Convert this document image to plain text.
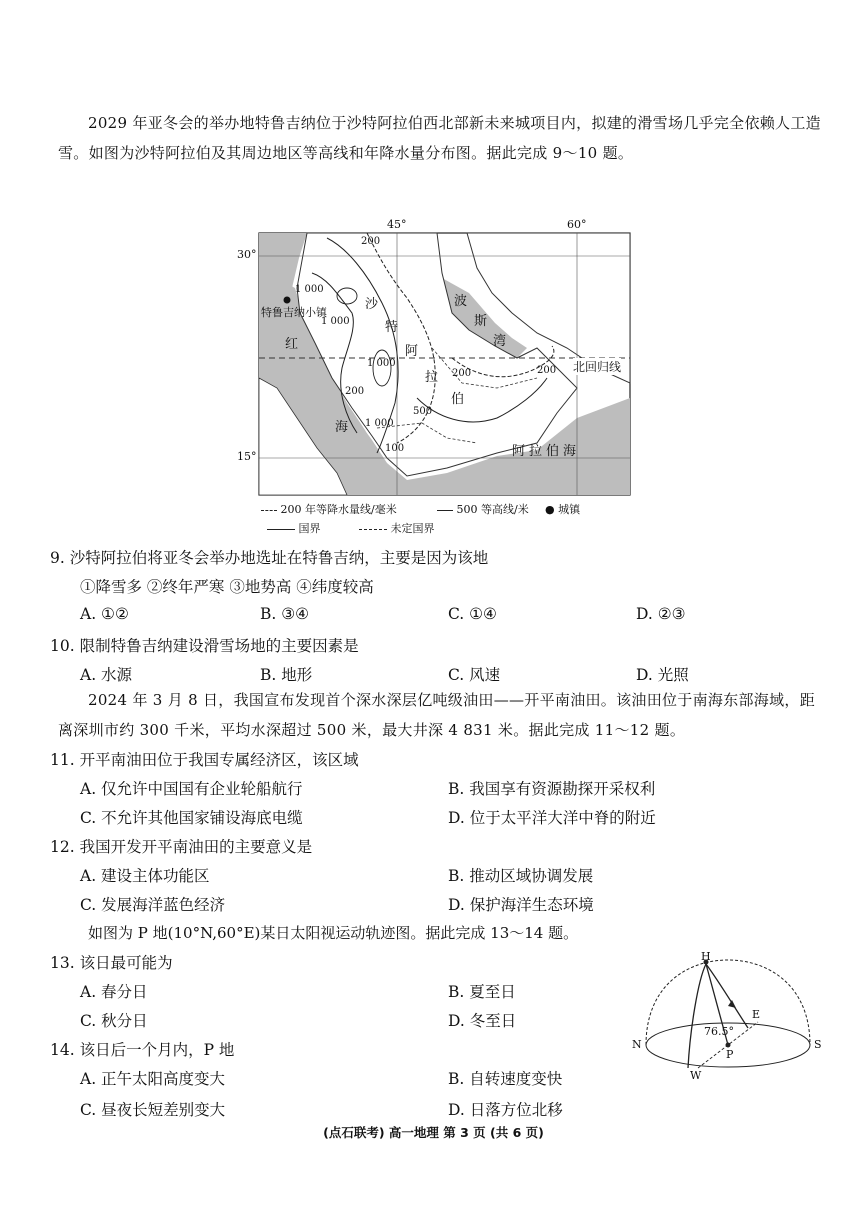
2029 年亚冬会的举办地特鲁吉纳位于沙特阿拉伯西北部新未来城项目内，拟建的滑雪场几乎完全依赖人工造雪。如图为沙特阿拉伯及其周边地区等高线和年降水量分布图。据此完成 9～10 题。
45°	60°
30°
15°
特鲁吉纳小镇
波
斯
湾
红
海
阿拉伯海
沙
特
阿
拉
伯
北回归线
200
1 000
1 000
1 000
200	200
500
1 000
200
100
200 年等降水量线/毫米	500 等高线/米 ● 城镇
国界	未定国界
9. 沙特阿拉伯将亚冬会举办地选址在特鲁吉纳，主要是因为该地
①降雪多 ②终年严寒 ③地势高 ④纬度较高
A. ①②	B. ③④	C. ①④	D. ②③
10. 限制特鲁吉纳建设滑雪场地的主要因素是
A. 水源	B. 地形	C. 风速	D. 光照
2024 年 3 月 8 日，我国宣布发现首个深水深层亿吨级油田——开平南油田。该油田位于南海东部海域，距离深圳市约 300 千米，平均水深超过 500 米，最大井深 4 831 米。据此完成 11～12 题。
11. 开平南油田位于我国专属经济区，该区域
A. 仅允许中国国有企业轮船航行	B. 我国享有资源勘探开采权利
C. 不允许其他国家铺设海底电缆	D. 位于太平洋大洋中脊的附近
12. 我国开发开平南油田的主要意义是
A. 建设主体功能区	B. 推动区域协调发展
C. 发展海洋蓝色经济	D. 保护海洋生态环境
如图为 P 地(10°N,60°E)某日太阳视运动轨迹图。据此完成 13～14 题。
13. 该日最可能为
A. 春分日	B. 夏至日
C. 秋分日	D. 冬至日
14. 该日后一个月内，P 地
A. 正午太阳高度变大	B. 自转速度变快
C. 昼夜长短差别变大	D. 日落方位北移
H
E
N	S
W
P
76.5°
(点石联考) 高一地理 第 3 页 (共 6 页)
